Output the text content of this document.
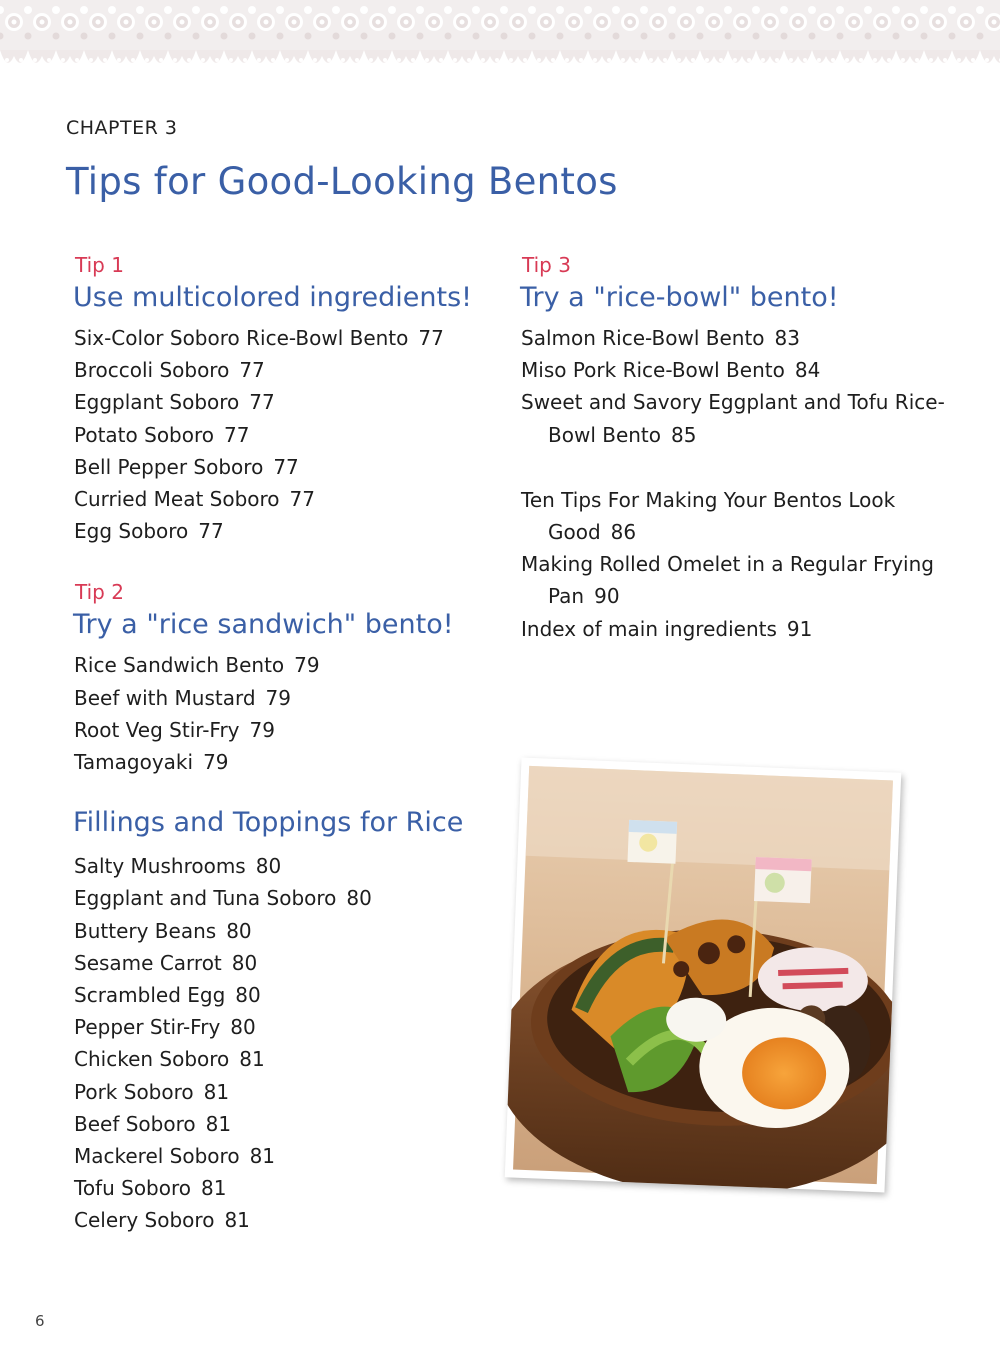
CHAPTER 3
Tips for Good-Looking Bentos
Tip 1
Use multicolored ingredients!
Six-Color Soboro Rice-Bowl Bento 77
Broccoli Soboro 77
Eggplant Soboro 77
Potato Soboro 77
Bell Pepper Soboro 77
Curried Meat Soboro 77
Egg Soboro 77
Tip 2
Try a "rice sandwich" bento!
Rice Sandwich Bento 79
Beef with Mustard 79
Root Veg Stir-Fry 79
Tamagoyaki 79
Fillings and Toppings for Rice
Salty Mushrooms 80
Eggplant and Tuna Soboro 80
Buttery Beans 80
Sesame Carrot 80
Scrambled Egg 80
Pepper Stir-Fry 80
Chicken Soboro 81
Pork Soboro 81
Beef Soboro 81
Mackerel Soboro 81
Tofu Soboro 81
Celery Soboro 81
Tip 3
Try a "rice-bowl" bento!
Salmon Rice-Bowl Bento 83
Miso Pork Rice-Bowl Bento 84
Sweet and Savory Eggplant and Tofu Rice-Bowl Bento 85
Ten Tips For Making Your Bentos Look Good 86
Making Rolled Omelet in a Regular Frying Pan 90
Index of main ingredients 91
6
